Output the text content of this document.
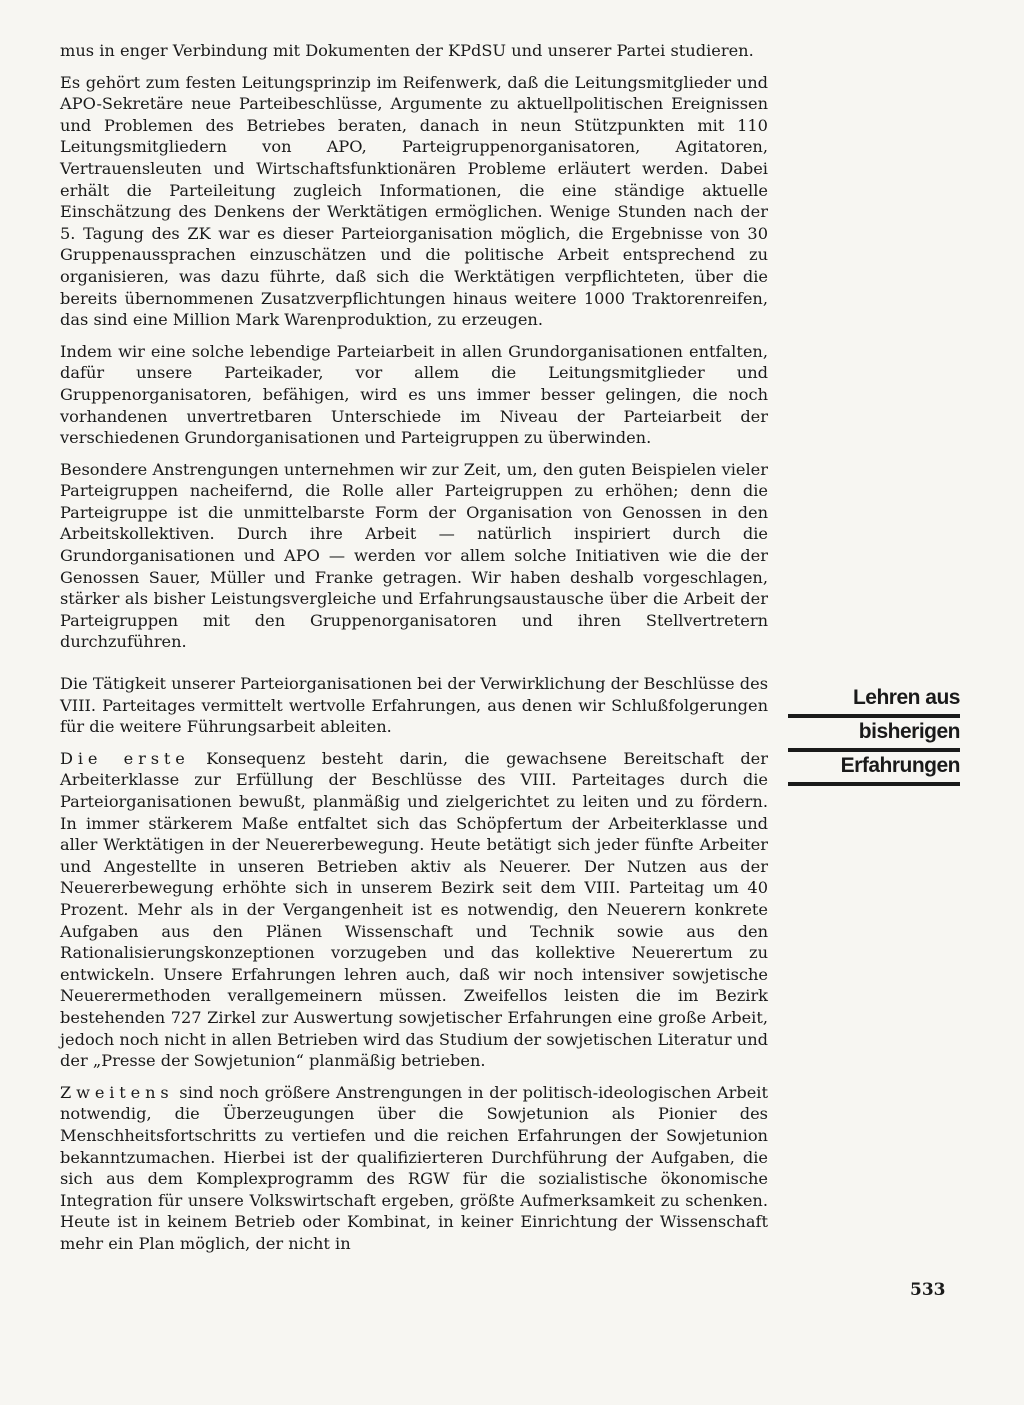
mus in enger Verbindung mit Dokumenten der KPdSU und unserer Partei studieren.

Es gehört zum festen Leitungsprinzip im Reifenwerk, daß die Leitungsmitglieder und APO-Sekretäre neue Parteibeschlüsse, Argumente zu aktuellpolitischen Ereignissen und Problemen des Betriebes beraten, danach in neun Stützpunkten mit 110 Leitungsmitgliedern von APO, Parteigruppenorganisatoren, Agitatoren, Vertrauensleuten und Wirtschaftsfunktionären Probleme erläutert werden. Dabei erhält die Parteileitung zugleich Informationen, die eine ständige aktuelle Einschätzung des Denkens der Werktätigen ermöglichen. Wenige Stunden nach der 5. Tagung des ZK war es dieser Parteiorganisation möglich, die Ergebnisse von 30 Gruppenaussprachen einzuschätzen und die politische Arbeit entsprechend zu organisieren, was dazu führte, daß sich die Werktätigen verpflichteten, über die bereits übernommenen Zusatzverpflichtungen hinaus weitere 1000 Traktorenreifen, das sind eine Million Mark Warenproduktion, zu erzeugen.

Indem wir eine solche lebendige Parteiarbeit in allen Grundorganisationen entfalten, dafür unsere Parteikader, vor allem die Leitungsmitglieder und Gruppenorganisatoren, befähigen, wird es uns immer besser gelingen, die noch vorhandenen unvertretbaren Unterschiede im Niveau der Parteiarbeit der verschiedenen Grundorganisationen und Parteigruppen zu überwinden.

Besondere Anstrengungen unternehmen wir zur Zeit, um, den guten Beispielen vieler Parteigruppen nacheifernd, die Rolle aller Parteigruppen zu erhöhen; denn die Parteigruppe ist die unmittelbarste Form der Organisation von Genossen in den Arbeitskollektiven. Durch ihre Arbeit — natürlich inspiriert durch die Grundorganisationen und APO — werden vor allem solche Initiativen wie die der Genossen Sauer, Müller und Franke getragen. Wir haben deshalb vorgeschlagen, stärker als bisher Leistungsvergleiche und Erfahrungsaustausche über die Arbeit der Parteigruppen mit den Gruppenorganisatoren und ihren Stellvertretern durchzuführen.

Die Tätigkeit unserer Parteiorganisationen bei der Verwirklichung der Beschlüsse des VIII. Parteitages vermittelt wertvolle Erfahrungen, aus denen wir Schlußfolgerungen für die weitere Führungsarbeit ableiten.

Die erste Konsequenz besteht darin, die gewachsene Bereitschaft der Arbeiterklasse zur Erfüllung der Beschlüsse des VIII. Parteitages durch die Parteiorganisationen bewußt, planmäßig und zielgerichtet zu leiten und zu fördern. In immer stärkerem Maße entfaltet sich das Schöpfertum der Arbeiterklasse und aller Werktätigen in der Neuererbewegung. Heute betätigt sich jeder fünfte Arbeiter und Angestellte in unseren Betrieben aktiv als Neuerer. Der Nutzen aus der Neuererbewegung erhöhte sich in unserem Bezirk seit dem VIII. Parteitag um 40 Prozent. Mehr als in der Vergangenheit ist es notwendig, den Neuerern konkrete Aufgaben aus den Plänen Wissenschaft und Technik sowie aus den Rationalisierungskonzeptionen vorzugeben und das kollektive Neuerertum zu entwickeln. Unsere Erfahrungen lehren auch, daß wir noch intensiver sowjetische Neuerermethoden verallgemeinern müssen. Zweifellos leisten die im Bezirk bestehenden 727 Zirkel zur Auswertung sowjetischer Erfahrungen eine große Arbeit, jedoch noch nicht in allen Betrieben wird das Studium der sowjetischen Literatur und der „Presse der Sowjetunion“ planmäßig betrieben.

Zweitens sind noch größere Anstrengungen in der politisch-ideologischen Arbeit notwendig, die Überzeugungen über die Sowjetunion als Pionier des Menschheitsfortschritts zu vertiefen und die reichen Erfahrungen der Sowjetunion bekanntzumachen. Hierbei ist der qualifizierteren Durchführung der Aufgaben, die sich aus dem Komplexprogramm des RGW für die sozialistische ökonomische Integration für unsere Volkswirtschaft ergeben, größte Aufmerksamkeit zu schenken. Heute ist in keinem Betrieb oder Kombinat, in keiner Einrichtung der Wissenschaft mehr ein Plan möglich, der nicht in

Lehren aus
bisherigen
Erfahrungen
533
